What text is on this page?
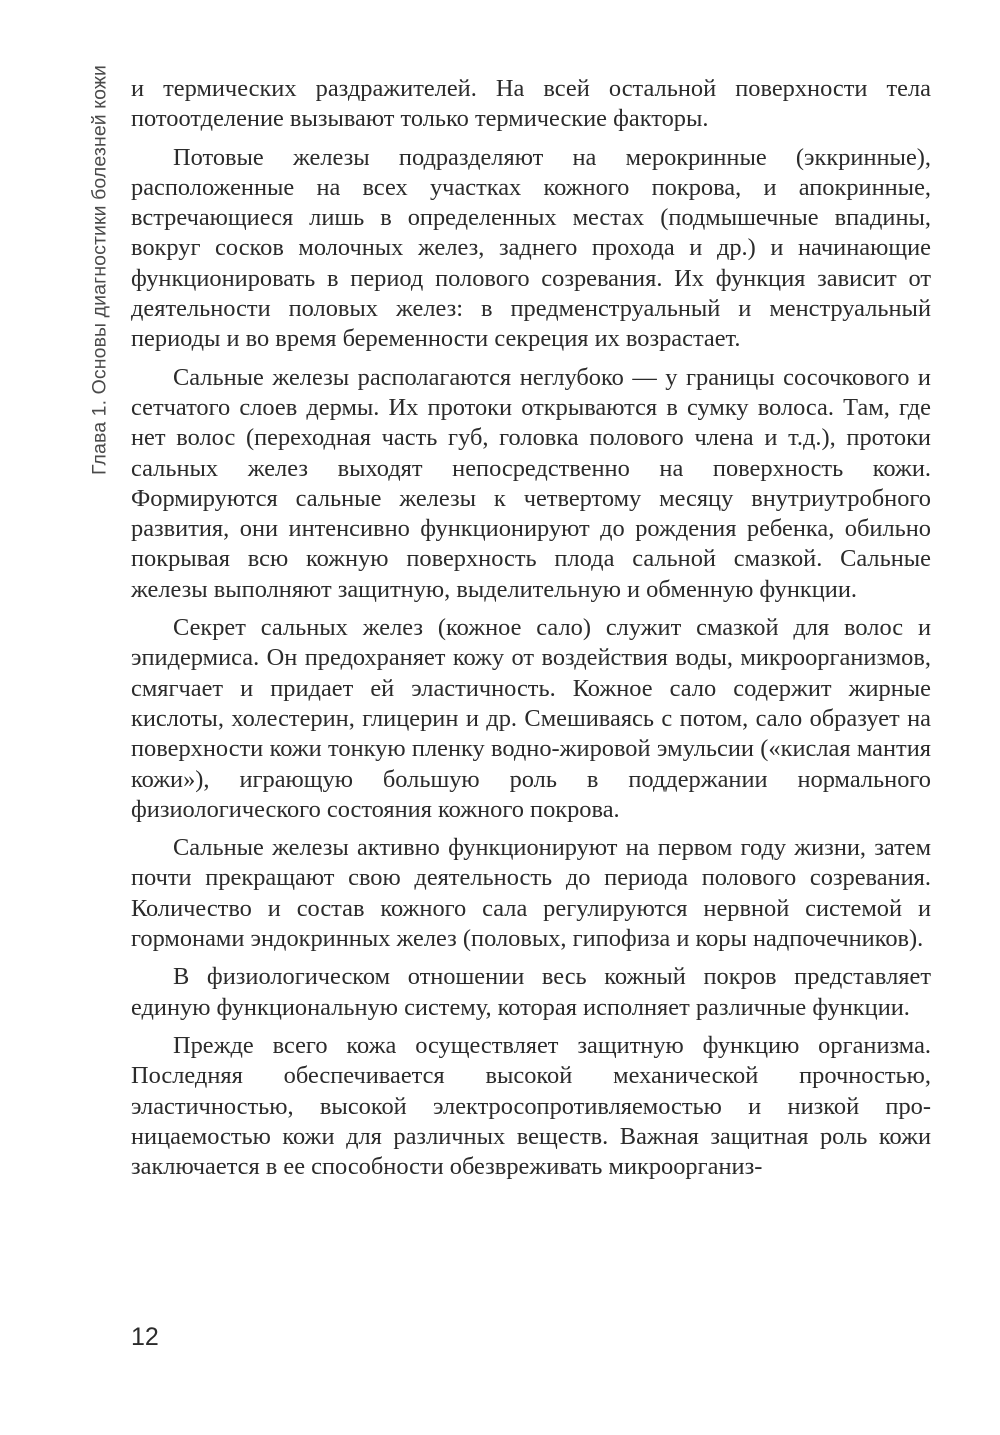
Глава 1. Основы диагностики болезней кожи и термических раздражителей. На всей остальной поверхности тела потоотделение вызывают только термические факторы.

Потовые железы подразделяют на мерокринные (эккринные), расположенные на всех участках кожного покрова, и апокринные, встречающиеся лишь в определенных местах (подмышечные впадины, вокруг сосков молочных желез, заднего прохода и др.) и начинающие функционировать в период полового созревания. Их функция зависит от деятельности половых желез: в предменструальный и менструальный периоды и во время беременности секреция их возрастает.

Сальные железы располагаются неглубоко — у границы сосочкового и сетчатого слоев дермы. Их протоки открываются в сумку волоса. Там, где нет волос (переходная часть губ, головка полового члена и т.д.), протоки сальных желез выходят непосредственно на поверхность кожи. Формируются сальные железы к четвертому месяцу внутриутробного развития, они интенсивно функционируют до рождения ребенка, обильно покрывая всю кожную поверхность плода сальной смазкой. Сальные железы выполняют защитную, выделительную и обменную функции.

Секрет сальных желез (кожное сало) служит смазкой для волос и эпидермиса. Он предохраняет кожу от воздействия воды, микроорганизмов, смягчает и придает ей эластичность. Кожное сало содержит жирные кислоты, холестерин, глицерин и др. Смешиваясь с потом, сало образует на поверхности кожи тонкую пленку водно-жировой эмульсии («кислая мантия кожи»), играющую большую роль в поддержании нормального физиологического состояния кожного покрова.

Сальные железы активно функционируют на первом году жизни, затем почти прекращают свою деятельность до периода полового созревания. Количество и состав кожного сала регулируются нервной системой и гормонами эндокринных желез (половых, гипофиза и коры надпочечников).

В физиологическом отношении весь кожный покров представляет единую функциональную систему, которая исполняет различные функции.

Прежде всего кожа осуществляет защитную функцию организма. Последняя обеспечивается высокой механической прочностью, эластичностью, высокой электросопротивляемостью и низкой проницаемостью кожи для различных веществ. Важная защитная роль кожи заключается в ее способности обезвреживать микроорганиз-

12
